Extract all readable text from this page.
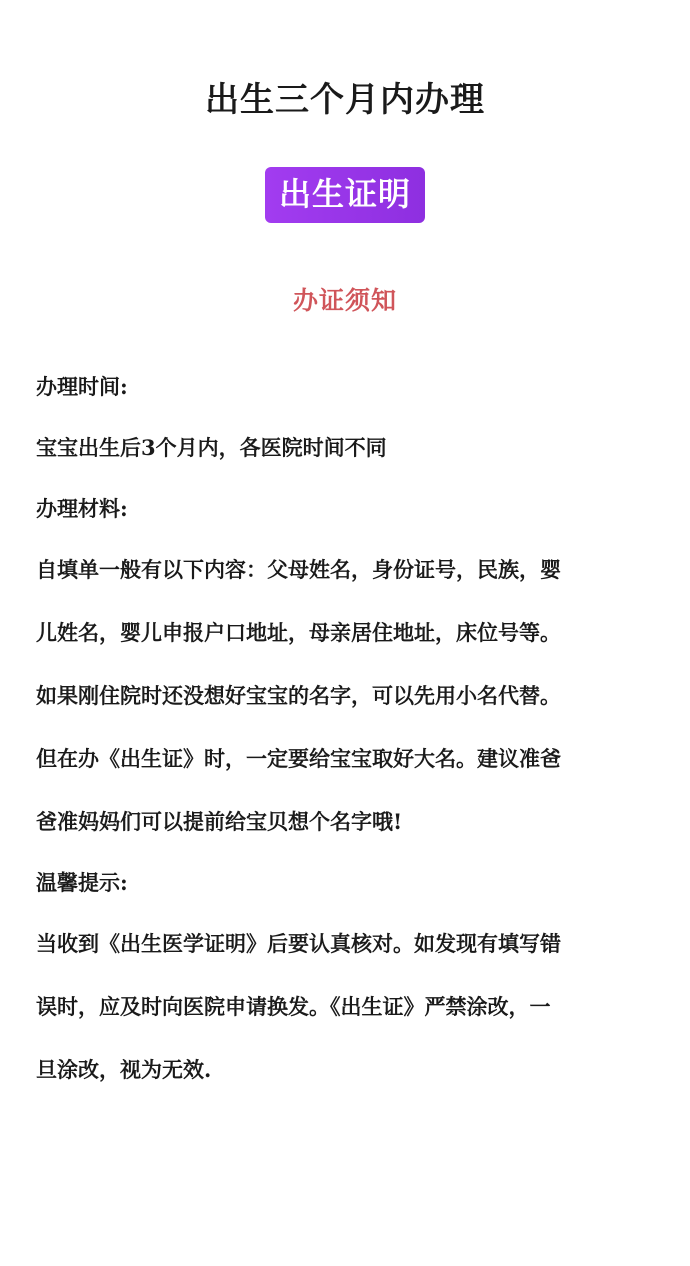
出生三个月内办理
出生证明
办证须知

办理时间:

宝宝出生后3个月内，各医院时间不同

办理材料:

自填单一般有以下内容：父母姓名，身份证号，民族，婴
儿姓名，婴儿申报户口地址，母亲居住地址，床位号等。
如果刚住院时还没想好宝宝的名字，可以先用小名代替。
但在办《出生证》时，一定要给宝宝取好大名。建议准爸
爸准妈妈们可以提前给宝贝想个名字哦!

温馨提示:

当收到《出生医学证明》后要认真核对。如发现有填写错
误时，应及时向医院申请换发。《出生证》严禁涂改，一
旦涂改，视为无效.
